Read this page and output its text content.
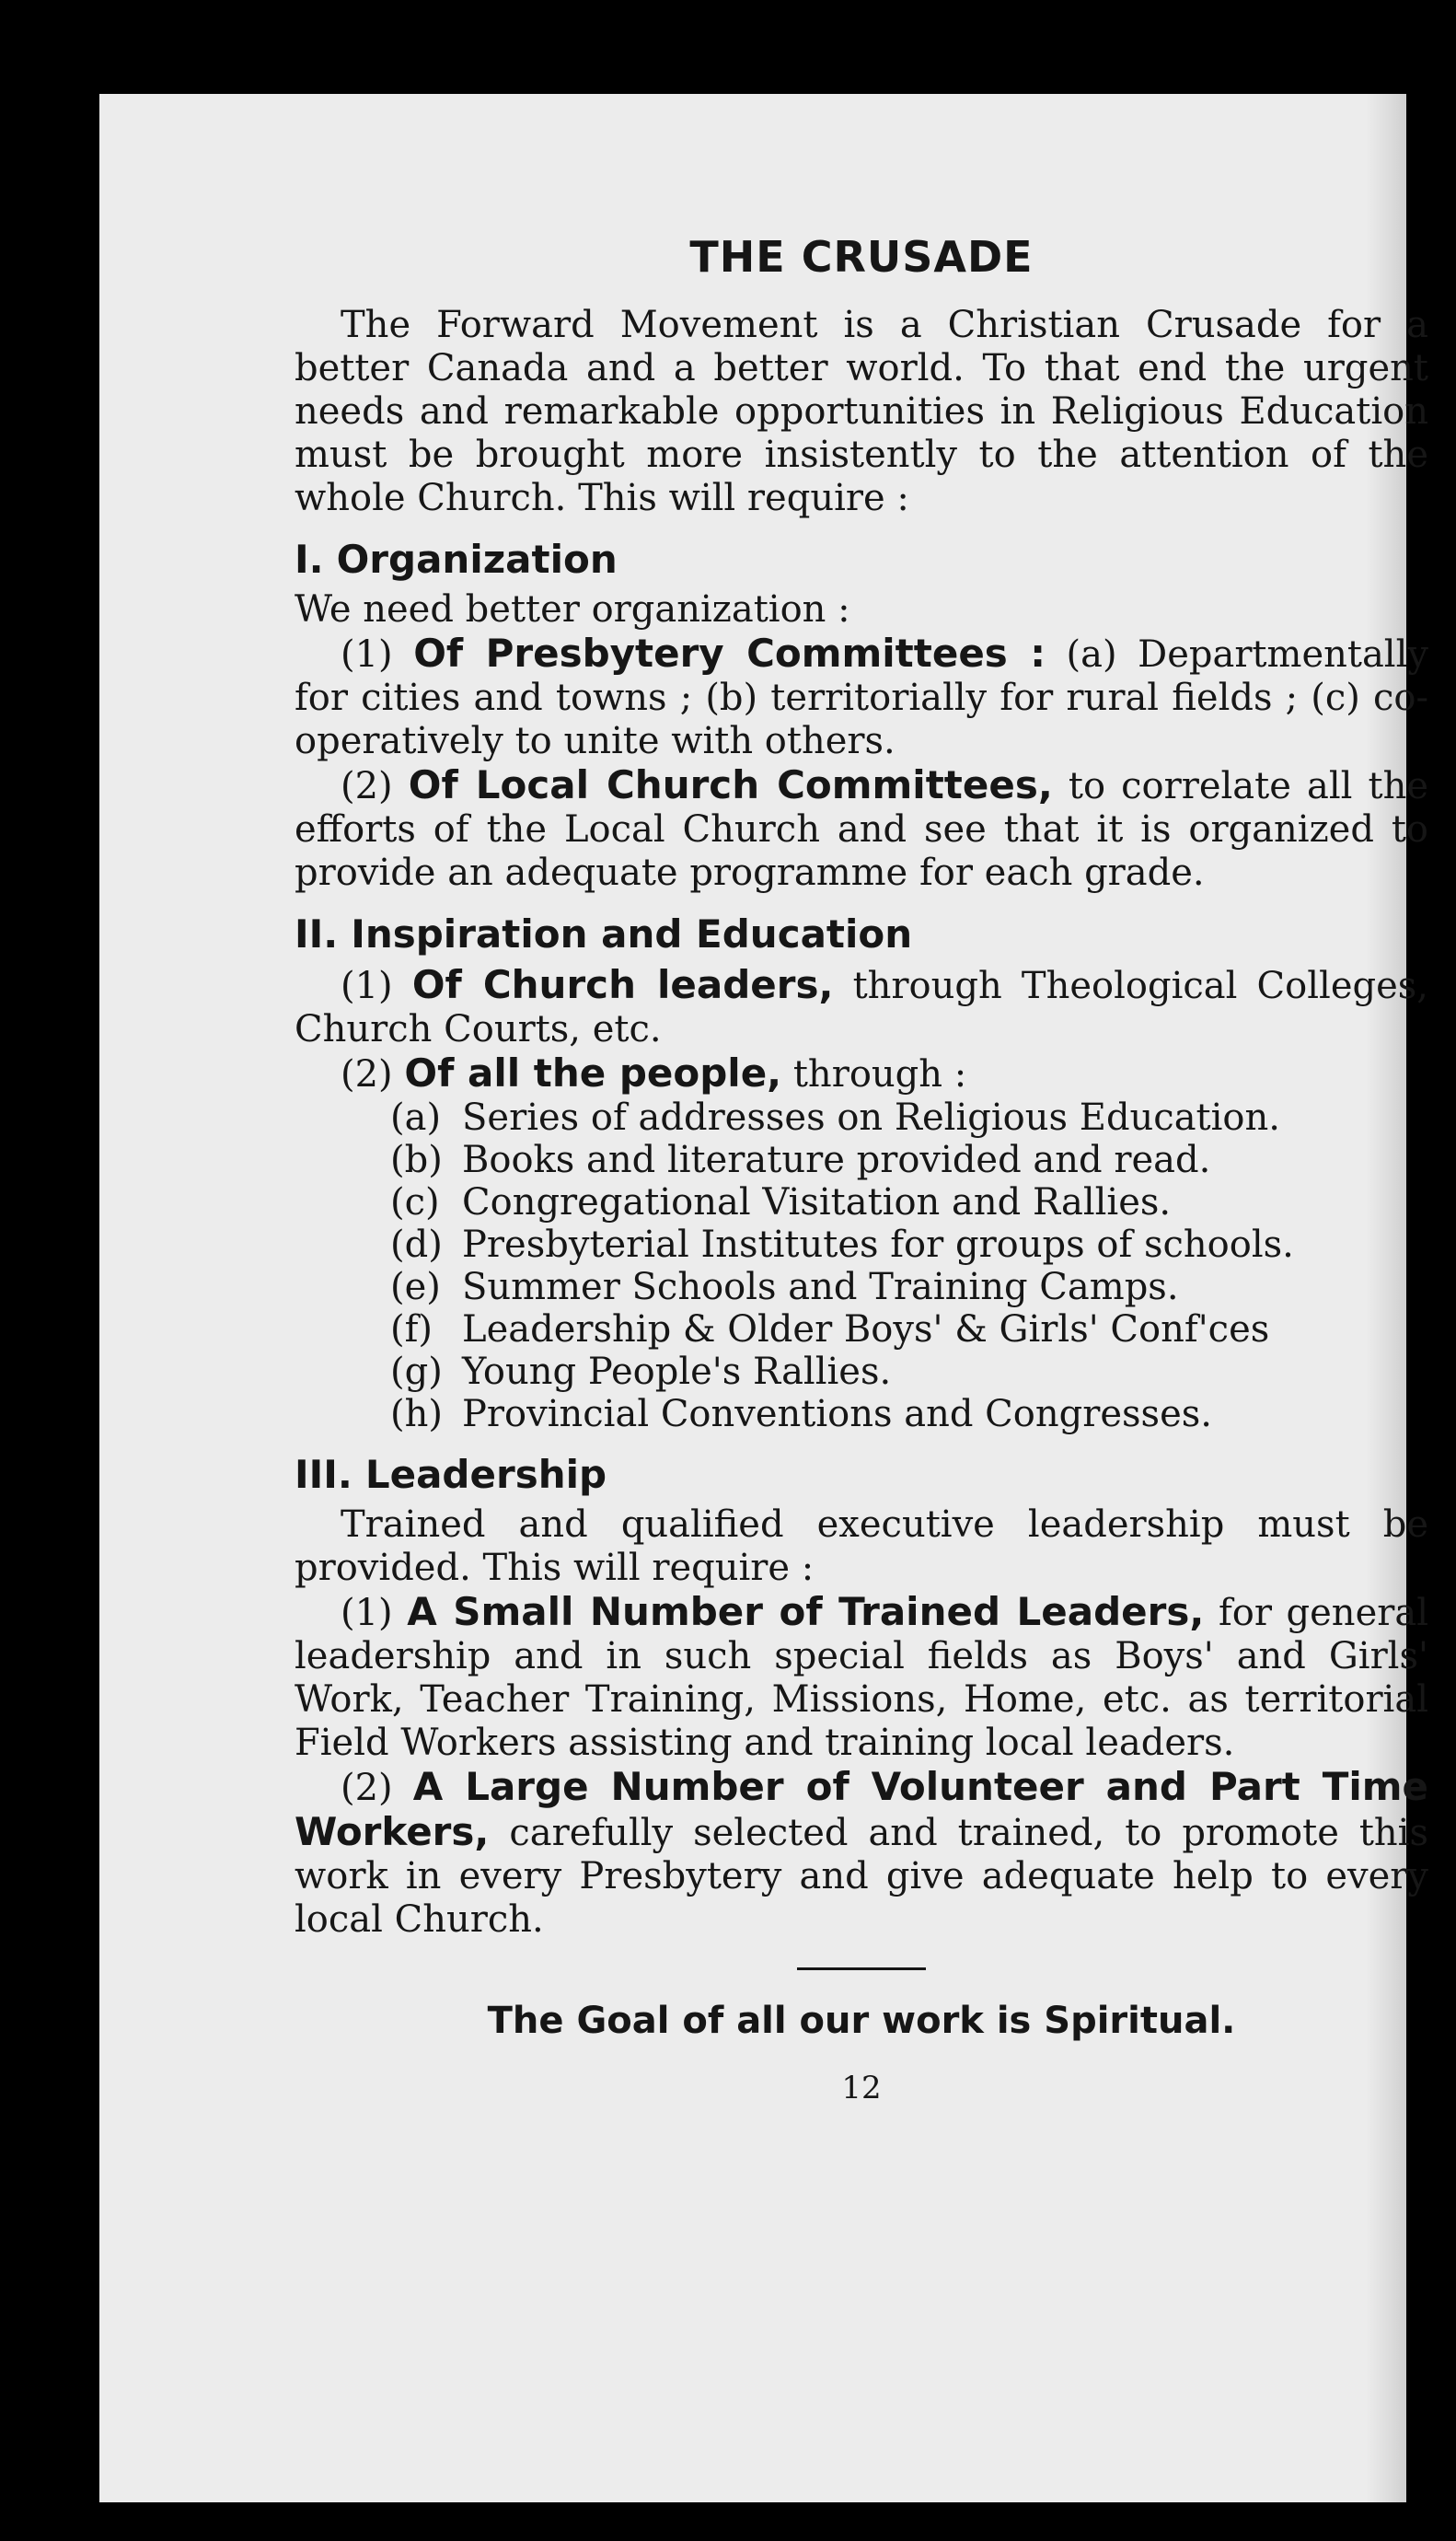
THE CRUSADE

The Forward Movement is a Christian Crusade for a better Canada and a better world. To that end the urgent needs and remarkable opportunities in Religious Education must be brought more insistently to the attention of the whole Church. This will require :

I. Organization

We need better organization :

(1) Of Presbytery Committees : (a) Departmentally for cities and towns ; (b) territorially for rural fields ; (c) co-operatively to unite with others.

(2) Of Local Church Committees, to correlate all the efforts of the Local Church and see that it is organized to provide an adequate programme for each grade.

II. Inspiration and Education

(1) Of Church leaders, through Theological Colleges, Church Courts, etc.

(2) Of all the people, through :

(a) Series of addresses on Religious Education.
(b) Books and literature provided and read.
(c) Congregational Visitation and Rallies.
(d) Presbyterial Institutes for groups of schools.
(e) Summer Schools and Training Camps.
(f) Leadership & Older Boys' & Girls' Conf'ces
(g) Young People's Rallies.
(h) Provincial Conventions and Congresses.
III. Leadership

Trained and qualified executive leadership must be provided. This will require :

(1) A Small Number of Trained Leaders, for general leadership and in such special fields as Boys' and Girls' Work, Teacher Training, Missions, Home, etc. as territorial Field Workers assisting and training local leaders.

(2) A Large Number of Volunteer and Part Time Workers, carefully selected and trained, to promote this work in every Presbytery and give adequate help to every local Church.

The Goal of all our work is Spiritual.

12
